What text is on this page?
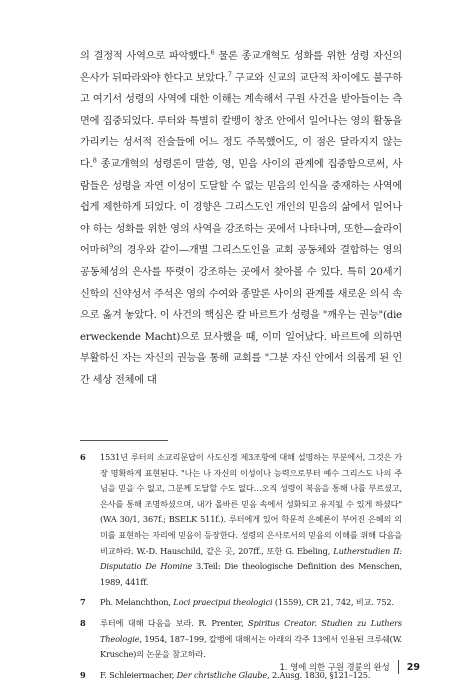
의 결정적 사역으로 파악했다.$^6$ 물론 종교개혁도 성화를 위한 성령 자신의 은사가 뒤따라와야 한다고 보았다.$^7$ 구교와 신교의 교단적 차이에도 불구하고 여기서 성령의 사역에 대한 이해는 계속해서 구원 사건을 받아들이는 측면에 집중되었다. 루터와 특별히 칼뱅이 창조 안에서 일어나는 영의 활동을 가리키는 성서적 진술들에 어느 정도 주목했어도, 이 점은 달라지지 않는다.$^8$ 종교개혁의 성령론이 말씀, 영, 믿음 사이의 관계에 집중함으로써, 사람들은 성령을 자연 이성이 도달할 수 없는 믿음의 인식을 중재하는 사역에 쉽게 제한하게 되었다. 이 경향은 그리스도인 개인의 믿음의 삶에서 일어나야 하는 성화를 위한 영의 사역을 강조하는 곳에서 나타나며, 또한—슐라이어마허$^9$의 경우와 같이—개별 그리스도인을 교회 공동체와 결합하는 영의 공동체성의 은사를 뚜렷이 강조하는 곳에서 찾아볼 수 있다. 특히 20세기 신학의 신약성서 주석은 영의 수여와 종말론 사이의 관계를 새로운 의식 속으로 옮겨 놓았다. 이 사건의 핵심은 칼 바르트가 성령을 "깨우는 권능"(die erweckende Macht)으로 묘사했을 때, 이미 일어났다. 바르트에 의하면 부활하신 자는 자신의 권능을 통해 교회를 "그분 자신 안에서 의롭게 된 인간 세상 전체에 대

6	1531년 루터의 소교리문답이 사도신경 제3조항에 대해 설명하는 부분에서, 그것은 가장 명확하게 표현된다. "나는 나 자신의 이성이나 능력으로부터 예수 그리스도 나의 주님을 믿을 수 없고, 그분께 도달할 수도 없다…오직 성령이 복음을 통해 나를 부르셨고, 은사를 통해 조명하셨으며, 내가 올바른 믿음 속에서 성화되고 유지될 수 있게 하셨다"(WA 30/1, 367f.; BSELK 511f.). 루터에게 있어 학문적 은혜론이 부어진 은혜의 의미를 표현하는 자리에 믿음이 등장한다. 성령의 은사로서의 믿음의 이해를 위해 다음을 비교하라. W.-D. Hauschild, 같은 곳, 207ff., 또한 G. Ebeling, Lutherstudien II: Disputatio De Homine 3.Teil: Die theologische Definition des Menschen, 1989, 441ff.
7	Ph. Melanchthon, Loci praecipui theologici (1559), CR 21, 742, 비교. 752.
8	루터에 대해 다음을 보라. R. Prenter, Spiritus Creator. Studien zu Luthers Theologie, 1954, 187–199, 칼뱅에 대해서는 아래의 각주 13에서 인용된 크루쉐(W. Krusche)의 논문을 참고하라.
9	F. Schleiermacher, Der christliche Glaube, 2.Ausg. 1830, §121–125.
1. 영에 의한 구원 경륜의 완성 29
